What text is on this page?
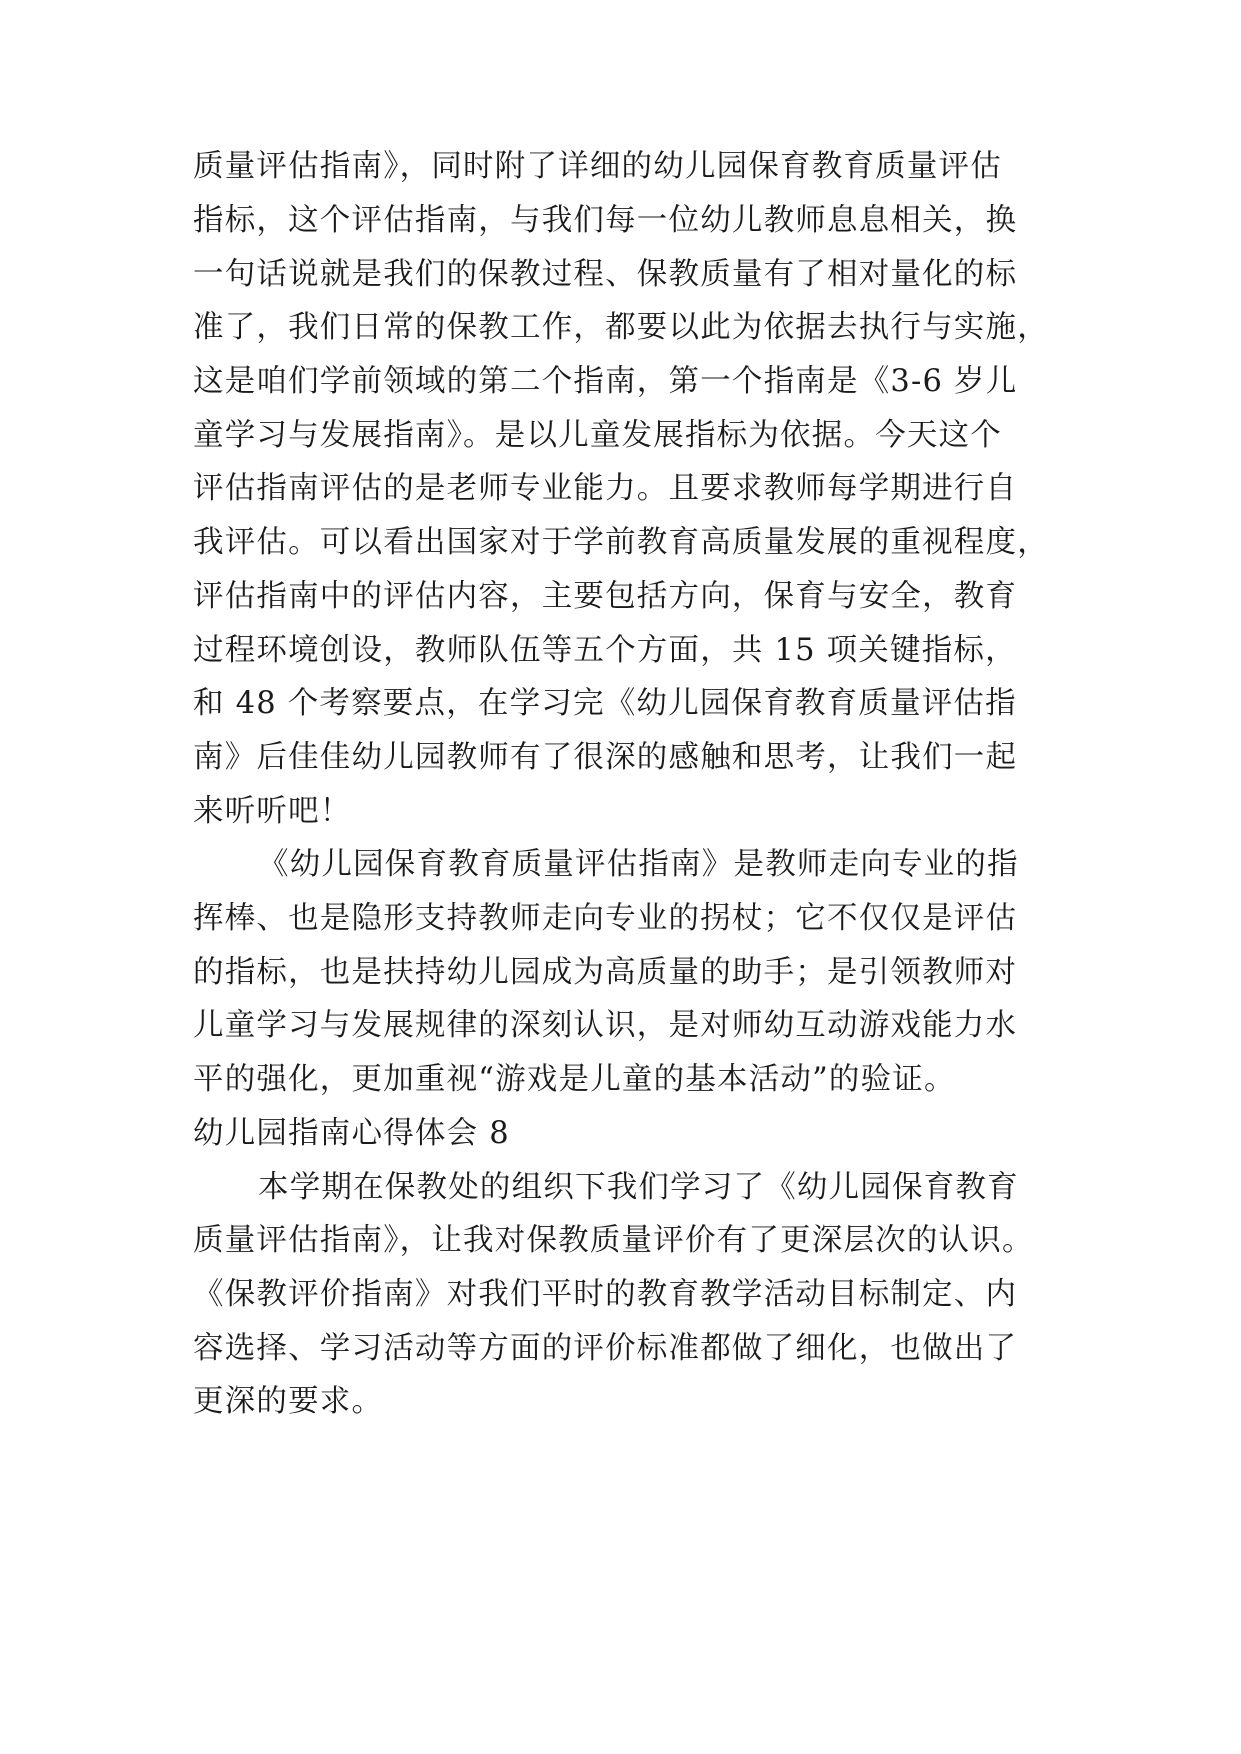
质量评估指南》，同时附了详细的幼儿园保育教育质量评估
指标，这个评估指南，与我们每一位幼儿教师息息相关，换
一句话说就是我们的保教过程、保教质量有了相对量化的标
准了，我们日常的保教工作，都要以此为依据去执行与实施，
这是咱们学前领域的第二个指南，第一个指南是《3-6 岁儿
童学习与发展指南》。是以儿童发展指标为依据。今天这个
评估指南评估的是老师专业能力。且要求教师每学期进行自
我评估。可以看出国家对于学前教育高质量发展的重视程度，
评估指南中的评估内容，主要包括方向，保育与安全，教育
过程环境创设，教师队伍等五个方面，共 15 项关键指标，
和 48 个考察要点，在学习完《幼儿园保育教育质量评估指
南》后佳佳幼儿园教师有了很深的感触和思考，让我们一起
来听听吧！
《幼儿园保育教育质量评估指南》是教师走向专业的指
挥棒、也是隐形支持教师走向专业的拐杖；它不仅仅是评估
的指标，也是扶持幼儿园成为高质量的助手；是引领教师对
儿童学习与发展规律的深刻认识，是对师幼互动游戏能力水
平的强化，更加重视“游戏是儿童的基本活动”的验证。
幼儿园指南心得体会 8
本学期在保教处的组织下我们学习了《幼儿园保育教育
质量评估指南》，让我对保教质量评价有了更深层次的认识。
《保教评价指南》对我们平时的教育教学活动目标制定、内
容选择、学习活动等方面的评价标准都做了细化，也做出了
更深的要求。
